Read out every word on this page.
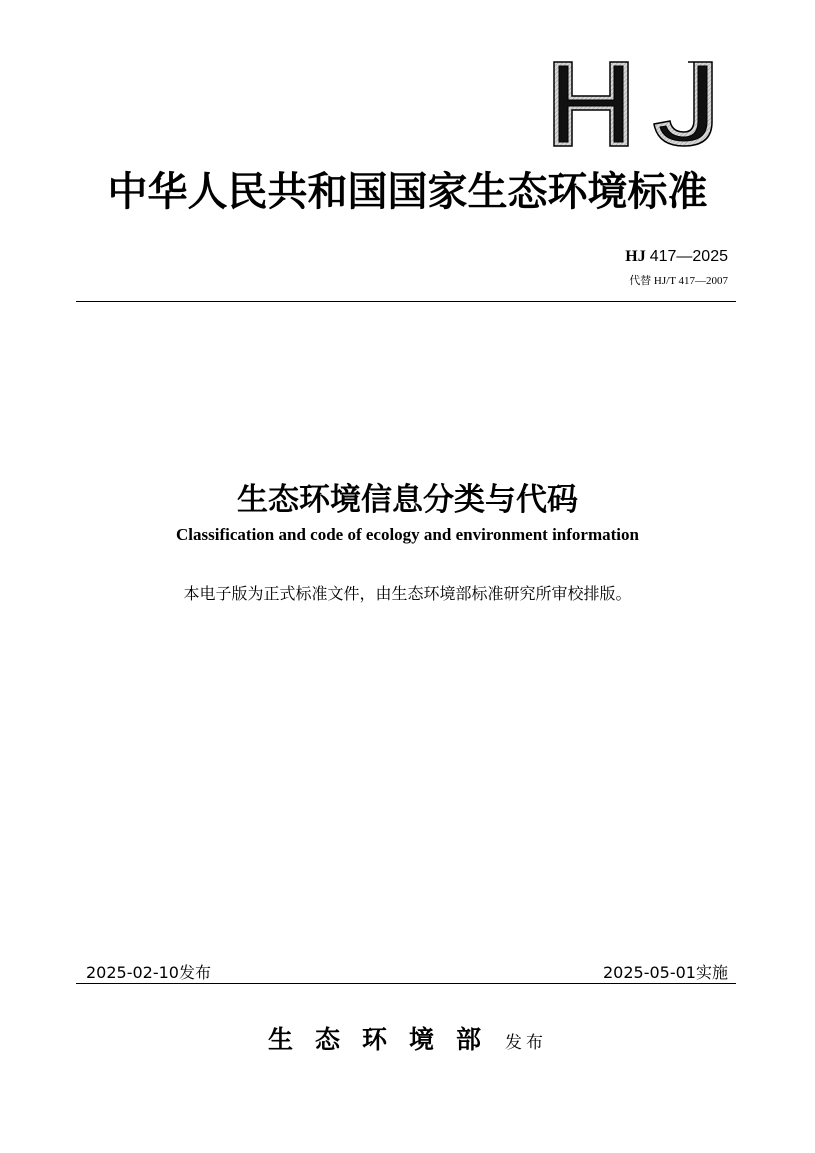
中华人民共和国国家生态环境标准
HJ 417—2025
代替 HJ/T 417—2007
生态环境信息分类与代码
Classification and code of ecology and environment information
本电子版为正式标准文件，由生态环境部标准研究所审校排版。
2025-02-10发布	2025-05-01实施
生态环境部 发布
